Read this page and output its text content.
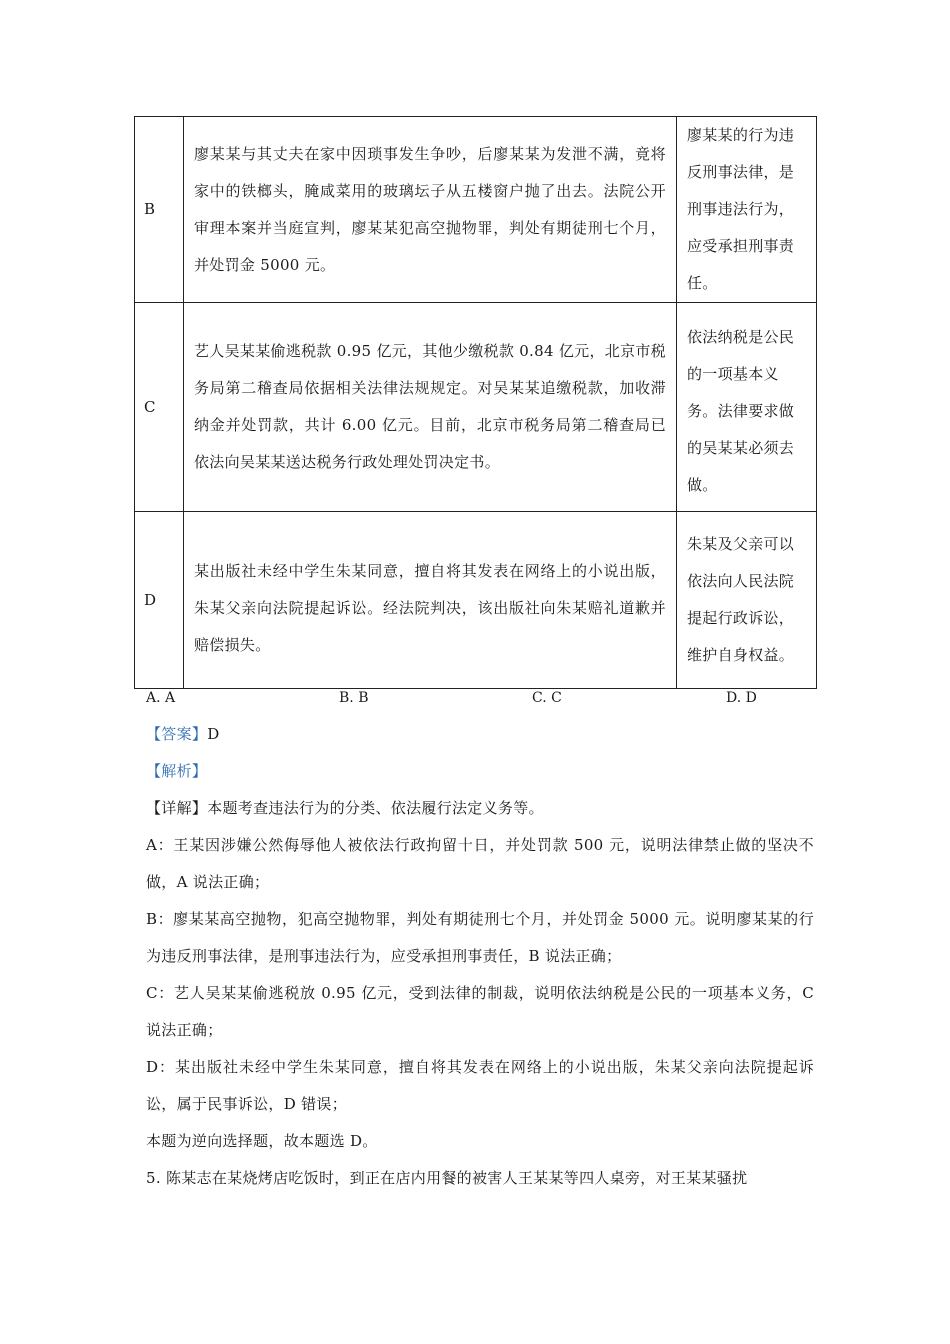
B	廖某某与其丈夫在家中因琐事发生争吵，后廖某某为发泄不满，竟将家中的铁榔头，腌咸菜用的玻璃坛子从五楼窗户抛了出去。法院公开审理本案并当庭宣判，廖某某犯高空抛物罪，判处有期徒刑七个月，并处罚金 5000 元。	廖某某的行为违反刑事法律，是刑事违法行为，应受承担刑事责任。
C	艺人吴某某偷逃税款 0.95 亿元，其他少缴税款 0.84 亿元，北京市税务局第二稽查局依据相关法律法规规定。对吴某某追缴税款，加收滞纳金并处罚款，共计 6.00 亿元。目前，北京市税务局第二稽查局已依法向吴某某送达税务行政处理处罚决定书。	依法纳税是公民的一项基本义务。法律要求做的吴某某必须去做。
D	某出版社未经中学生朱某同意，擅自将其发表在网络上的小说出版，朱某父亲向法院提起诉讼。经法院判决，该出版社向朱某赔礼道歉并赔偿损失。	朱某及父亲可以依法向人民法院提起行政诉讼，维护自身权益。
A. A	B. B	C. C	D. D
【答案】D
【解析】
【详解】本题考查违法行为的分类、依法履行法定义务等。
A：王某因涉嫌公然侮辱他人被依法行政拘留十日，并处罚款 500 元，说明法律禁止做的坚决不做，A 说法正确；
B：廖某某高空抛物，犯高空抛物罪，判处有期徒刑七个月，并处罚金 5000 元。说明廖某某的行为违反刑事法律，是刑事违法行为，应受承担刑事责任，B 说法正确；
C：艺人吴某某偷逃税放 0.95 亿元，受到法律的制裁，说明依法纳税是公民的一项基本义务，C 说法正确；
D：某出版社未经中学生朱某同意，擅自将其发表在网络上的小说出版，朱某父亲向法院提起诉讼，属于民事诉讼，D 错误；
本题为逆向选择题，故本题选 D。
5. 陈某志在某烧烤店吃饭时，到正在店内用餐的被害人王某某等四人桌旁，对王某某骚扰
